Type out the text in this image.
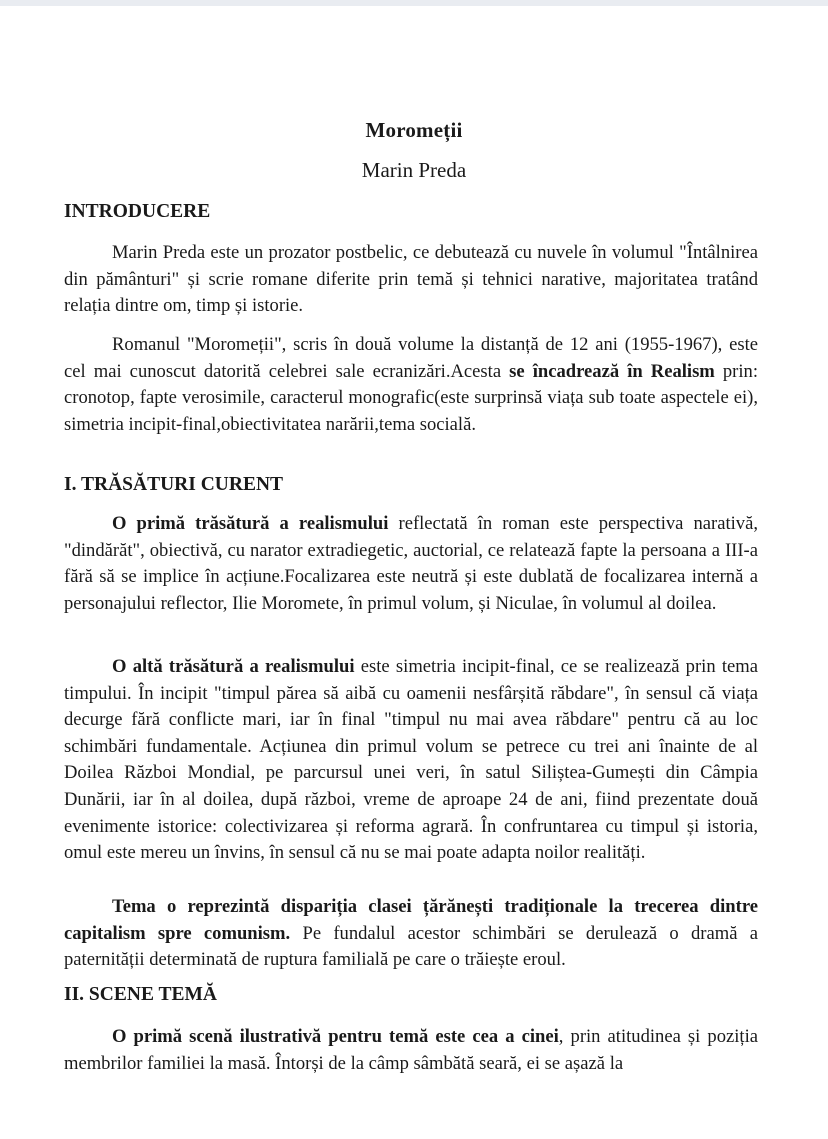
Moromeții
Marin Preda
INTRODUCERE

Marin Preda este un prozator postbelic, ce debutează cu nuvele în volumul "Întâlnirea din pământuri" și scrie romane diferite prin temă și tehnici narative, majoritatea tratând relația dintre om, timp și istorie.

Romanul "Moromeții", scris în două volume la distanță de 12 ani (1955-1967), este cel mai cunoscut datorită celebrei sale ecranizări.Acesta se încadrează în Realism prin: cronotop, fapte verosimile, caracterul monografic(este surprinsă viața sub toate aspectele ei), simetria incipit-final,obiectivitatea narării,tema socială.

I. TRĂSĂTURI CURENT

O primă trăsătură a realismului reflectată în roman este perspectiva narativă, "dindărăt", obiectivă, cu narator extradiegetic, auctorial, ce relatează fapte la persoana a III-a fără să se implice în acțiune.Focalizarea este neutră și este dublată de focalizarea internă a personajului reflector, Ilie Moromete, în primul volum, și Niculae, în volumul al doilea.

O altă trăsătură a realismului este simetria incipit-final, ce se realizează prin tema timpului. În incipit "timpul părea să aibă cu oamenii nesfârșită răbdare", în sensul că viața decurge fără conflicte mari, iar în final "timpul nu mai avea răbdare" pentru că au loc schimbări fundamentale. Acțiunea din primul volum se petrece cu trei ani înainte de al Doilea Război Mondial, pe parcursul unei veri, în satul Siliștea-Gumești din Câmpia Dunării, iar în al doilea, după război, vreme de aproape 24 de ani, fiind prezentate două evenimente istorice: colectivizarea și reforma agrară. În confruntarea cu timpul și istoria, omul este mereu un învins, în sensul că nu se mai poate adapta noilor realități.

Tema o reprezintă dispariția clasei țărănești tradiționale la trecerea dintre capitalism spre comunism. Pe fundalul acestor schimbări se derulează o dramă a paternității determinată de ruptura familială pe care o trăiește eroul.

II. SCENE TEMĂ

O primă scenă ilustrativă pentru temă este cea a cinei, prin atitudinea și poziția membrilor familiei la masă. Întorși de la câmp sâmbătă seară, ei se așază la
